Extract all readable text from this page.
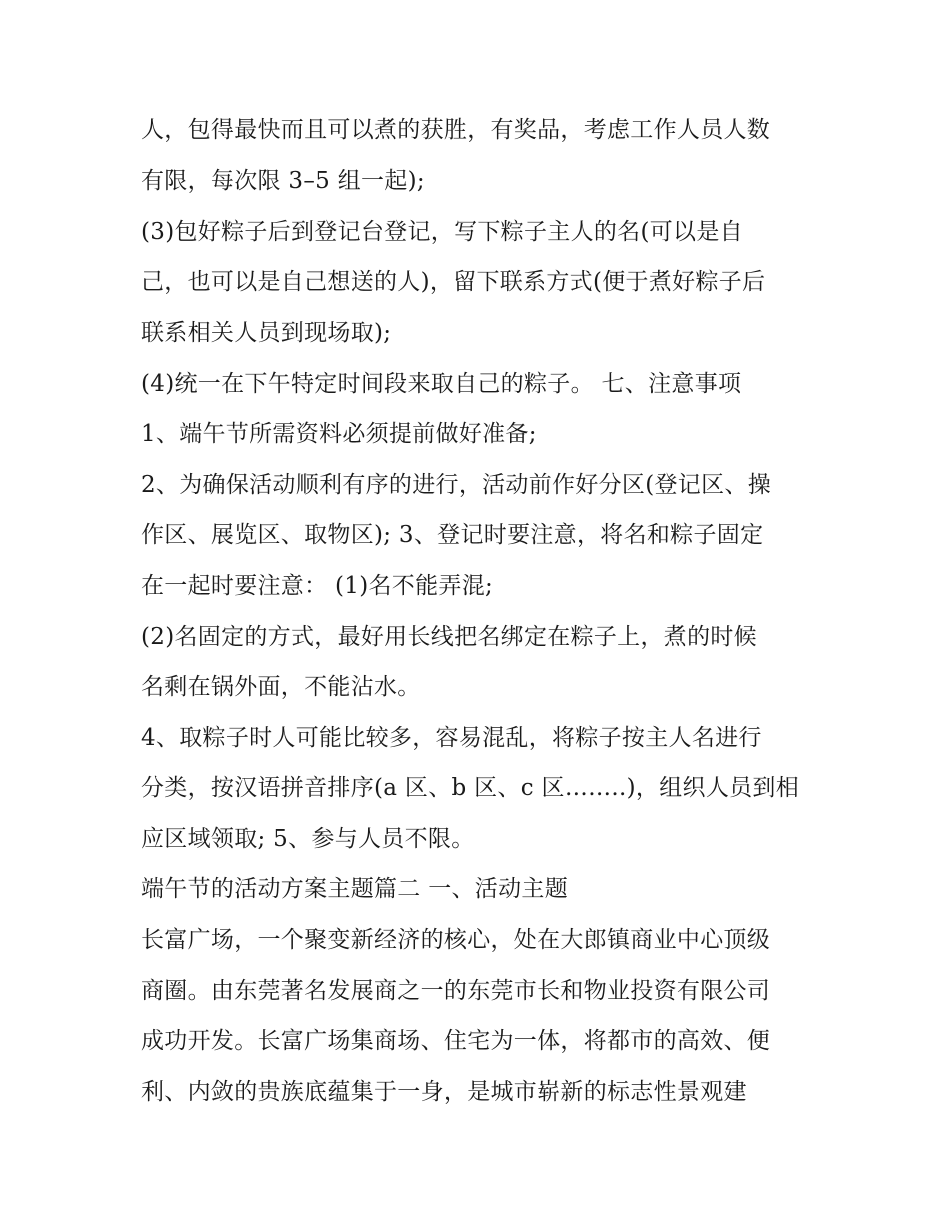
人，包得最快而且可以煮的获胜，有奖品，考虑工作人员人数
有限，每次限 3–5 组一起);
(3)包好粽子后到登记台登记，写下粽子主人的名(可以是自
己，也可以是自己想送的人)，留下联系方式(便于煮好粽子后
联系相关人员到现场取);
(4)统一在下午特定时间段来取自己的粽子。 七、注意事项
1、端午节所需资料必须提前做好准备;
2、为确保活动顺利有序的进行，活动前作好分区(登记区、操
作区、展览区、取物区); 3、登记时要注意，将名和粽子固定
在一起时要注意： (1)名不能弄混;
(2)名固定的方式，最好用长线把名绑定在粽子上，煮的时候
名剩在锅外面，不能沾水。
4、取粽子时人可能比较多，容易混乱，将粽子按主人名进行
分类，按汉语拼音排序(a 区、b 区、c 区……..)，组织人员到相
应区域领取; 5、参与人员不限。
端午节的活动方案主题篇二 一、活动主题
长富广场，一个聚变新经济的核心，处在大郎镇商业中心顶级
商圈。由东莞著名发展商之一的东莞市长和物业投资有限公司
成功开发。长富广场集商场、住宅为一体，将都市的高效、便
利、内敛的贵族底蕴集于一身，是城市崭新的标志性景观建
